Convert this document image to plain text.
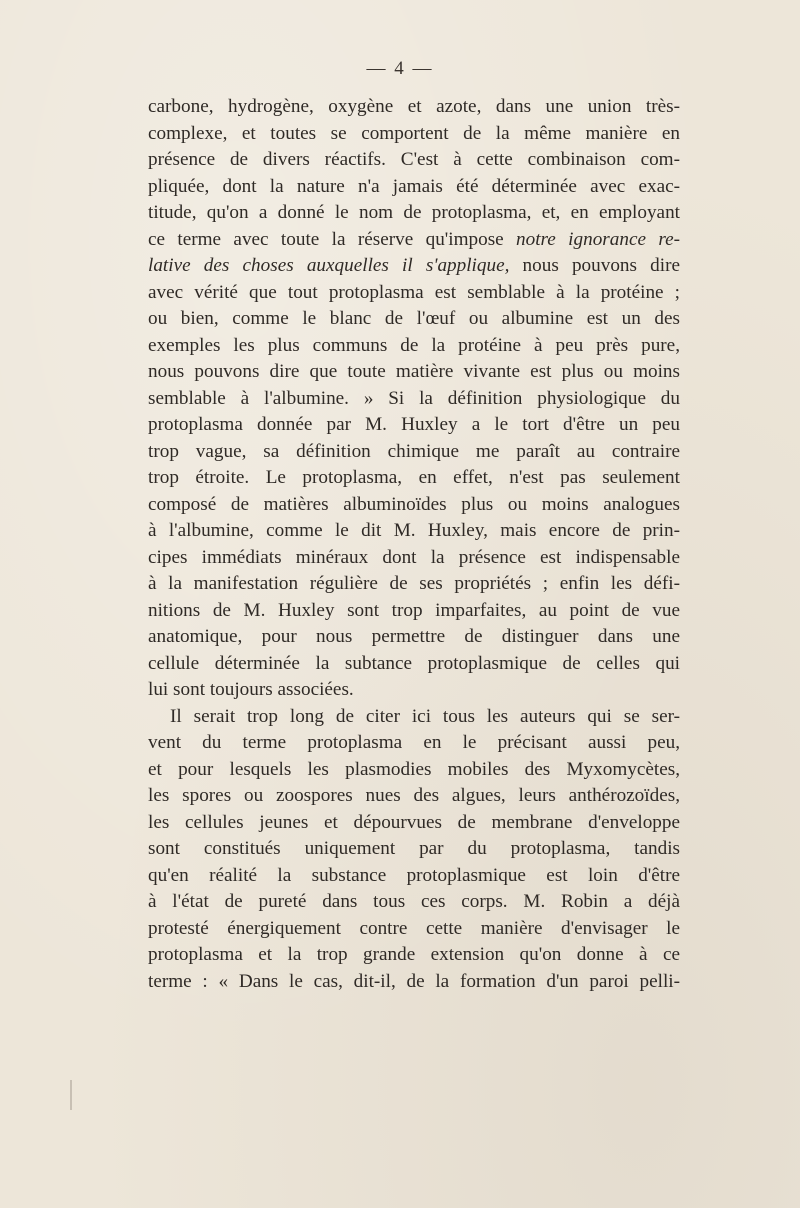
— 4 —
carbone, hydrogène, oxygène et azote, dans une union très-
complexe, et toutes se comportent de la même manière en
présence de divers réactifs. C'est à cette combinaison com-
pliquée, dont la nature n'a jamais été déterminée avec exac-
titude, qu'on a donné le nom de protoplasma, et, en employant
ce terme avec toute la réserve qu'impose notre ignorance re-
lative des choses auxquelles il s'applique, nous pouvons dire
avec vérité que tout protoplasma est semblable à la protéine ;
ou bien, comme le blanc de l'œuf ou albumine est un des
exemples les plus communs de la protéine à peu près pure,
nous pouvons dire que toute matière vivante est plus ou moins
semblable à l'albumine. » Si la définition physiologique du
protoplasma donnée par M. Huxley a le tort d'être un peu
trop vague, sa définition chimique me paraît au contraire
trop étroite. Le protoplasma, en effet, n'est pas seulement
composé de matières albuminoïdes plus ou moins analogues
à l'albumine, comme le dit M. Huxley, mais encore de prin-
cipes immédiats minéraux dont la présence est indispensable
à la manifestation régulière de ses propriétés ; enfin les défi-
nitions de M. Huxley sont trop imparfaites, au point de vue
anatomique, pour nous permettre de distinguer dans une
cellule déterminée la subtance protoplasmique de celles qui
lui sont toujours associées.
Il serait trop long de citer ici tous les auteurs qui se ser-
vent du terme protoplasma en le précisant aussi peu,
et pour lesquels les plasmodies mobiles des Myxomycètes,
les spores ou zoospores nues des algues, leurs anthérozoïdes,
les cellules jeunes et dépourvues de membrane d'enveloppe
sont constitués uniquement par du protoplasma, tandis
qu'en réalité la substance protoplasmique est loin d'être
à l'état de pureté dans tous ces corps. M. Robin a déjà
protesté énergiquement contre cette manière d'envisager le
protoplasma et la trop grande extension qu'on donne à ce
terme : « Dans le cas, dit-il, de la formation d'un paroi pelli-
